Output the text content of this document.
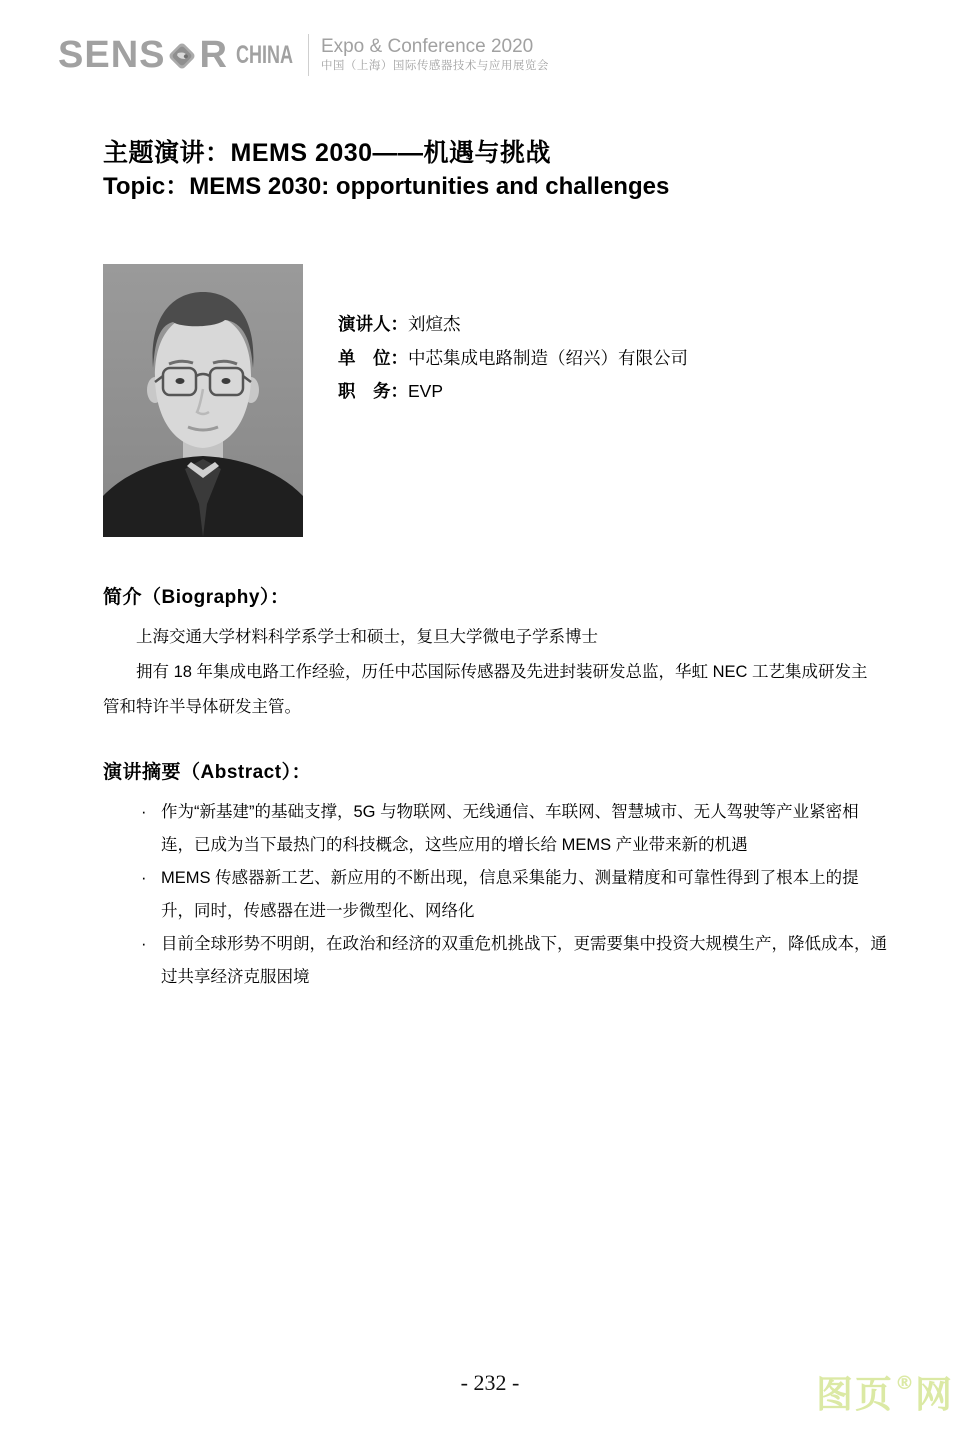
SENS R CHINA	Expo & Conference 2020
中国（上海）国际传感器技术与应用展览会
主题演讲：MEMS 2030——机遇与挑战
Topic：MEMS 2030: opportunities and challenges
演讲人：刘煊杰
单　位：中芯集成电路制造（绍兴）有限公司
职　务：EVP
简介（Biography）：

上海交通大学材料科学系学士和硕士，复旦大学微电子学系博士

拥有 18 年集成电路工作经验，历任中芯国际传感器及先进封装研发总监，华虹 NEC 工艺集成研发主管和特许半导体研发主管。

演讲摘要（Abstract）：
· 作为“新基建”的基础支撑，5G 与物联网、无线通信、车联网、智慧城市、无人驾驶等产业紧密相连，已成为当下最热门的科技概念，这些应用的增长给 MEMS 产业带来新的机遇
· MEMS 传感器新工艺、新应用的不断出现，信息采集能力、测量精度和可靠性得到了根本上的提升，同时，传感器在进一步微型化、网络化
· 目前全球形势不明朗，在政治和经济的双重危机挑战下，更需要集中投资大规模生产，降低成本，通过共享经济克服困境
- 232 -	图页®网
